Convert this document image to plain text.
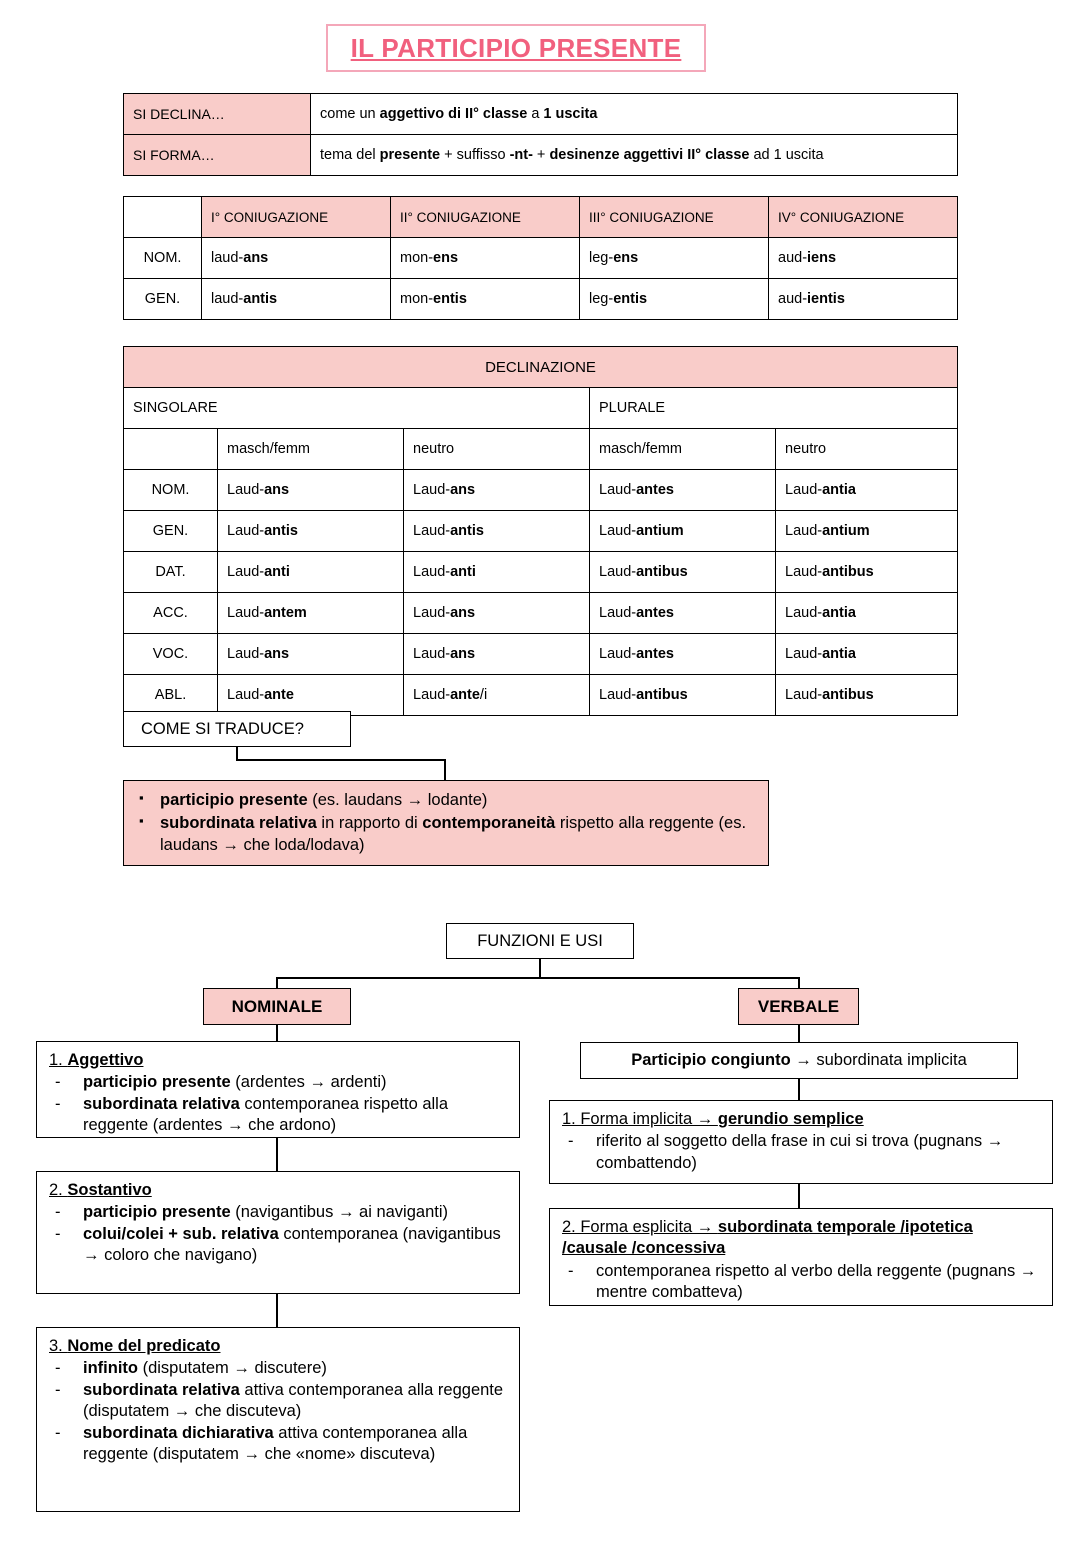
IL PARTICIPIO PRESENTE
SI DECLINA…	come un aggettivo di II° classe a 1 uscita
SI FORMA…	tema del presente + suffisso -nt- + desinenze aggettivi II° classe ad 1 uscita
	I° CONIUGAZIONE	II° CONIUGAZIONE	III° CONIUGAZIONE	IV° CONIUGAZIONE
NOM.	laud-ans	mon-ens	leg-ens	aud-iens
GEN.	laud-antis	mon-entis	leg-entis	aud-ientis
DECLINAZIONE				
SINGOLARE			PLURALE	
	masch/femm	neutro	masch/femm	neutro
NOM.	Laud-ans	Laud-ans	Laud-antes	Laud-antia
GEN.	Laud-antis	Laud-antis	Laud-antium	Laud-antium
DAT.	Laud-anti	Laud-anti	Laud-antibus	Laud-antibus
ACC.	Laud-antem	Laud-ans	Laud-antes	Laud-antia
VOC.	Laud-ans	Laud-ans	Laud-antes	Laud-antia
ABL.	Laud-ante	Laud-ante/i	Laud-antibus	Laud-antibus
COME SI TRADUCE?
▪ participio presente (es. laudans → lodante)
▪ subordinata relativa in rapporto di contemporaneità rispetto alla reggente (es. laudans → che loda/lodava)
FUNZIONI E USI
NOMINALE	VERBALE
1. Aggettivo
- participio presente (ardentes → ardenti)
- subordinata relativa contemporanea rispetto alla reggente (ardentes → che ardono)
2. Sostantivo
- participio presente (navigantibus → ai naviganti)
- colui/colei + sub. relativa contemporanea (navigantibus → coloro che navigano)
3. Nome del predicato
- infinito (disputatem → discutere)
- subordinata relativa attiva contemporanea alla reggente (disputatem → che discuteva)
- subordinata dichiarativa attiva contemporanea alla reggente (disputatem → che «nome» discuteva)
Participio congiunto → subordinata implicita
1. Forma implicita → gerundio semplice
- riferito al soggetto della frase in cui si trova (pugnans → combattendo)
2. Forma esplicita → subordinata temporale /ipotetica /causale /concessiva
- contemporanea rispetto al verbo della reggente (pugnans → mentre combatteva)
